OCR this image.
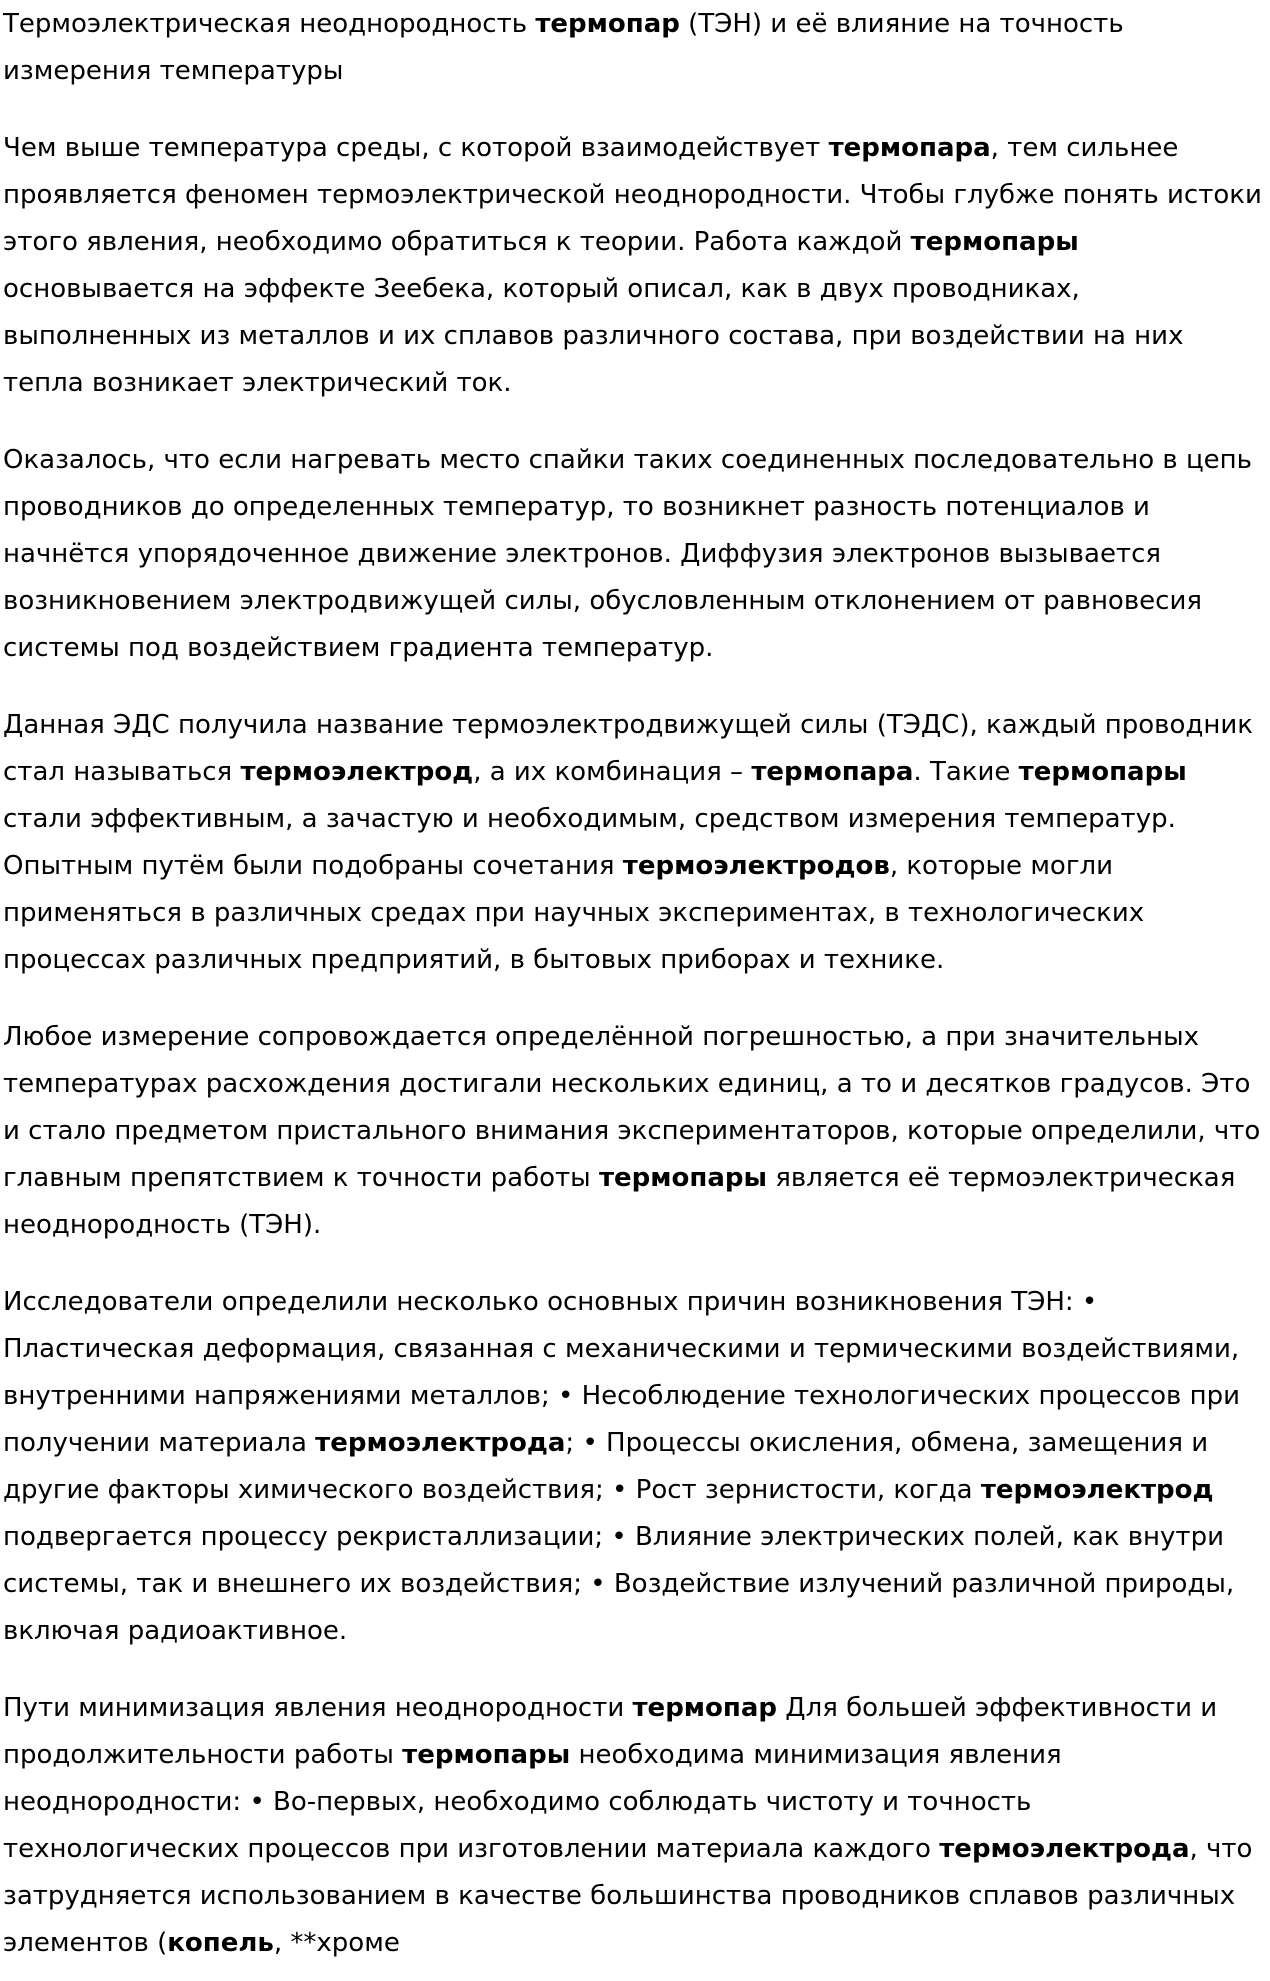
Термоэлектрическая неоднородность термопар (ТЭН) и её влияние на точность измерения температуры

Чем выше температура среды, с которой взаимодействует термопара, тем сильнее проявляется феномен термоэлектрической неоднородности. Чтобы глубже понять истоки этого явления, необходимо обратиться к теории. Работа каждой термопары основывается на эффекте Зеебека, который описал, как в двух проводниках, выполненных из металлов и их сплавов различного состава, при воздействии на них тепла возникает электрический ток.

Оказалось, что если нагревать место спайки таких соединенных последовательно в цепь проводников до определенных температур, то возникнет разность потенциалов и начнётся упорядоченное движение электронов. Диффузия электронов вызывается возникновением электродвижущей силы, обусловленным отклонением от равновесия системы под воздействием градиента температур.

Данная ЭДС получила название термоэлектродвижущей силы (ТЭДС), каждый проводник стал называться термоэлектрод, а их комбинация – термопара. Такие термопары стали эффективным, а зачастую и необходимым, средством измерения температур. Опытным путём были подобраны сочетания термоэлектродов, которые могли применяться в различных средах при научных экспериментах, в технологических процессах различных предприятий, в бытовых приборах и технике.

Любое измерение сопровождается определённой погрешностью, а при значительных температурах расхождения достигали нескольких единиц, а то и десятков градусов. Это и стало предметом пристального внимания экспериментаторов, которые определили, что главным препятствием к точности работы термопары является её термоэлектрическая неоднородность (ТЭН).

Исследователи определили несколько основных причин возникновения ТЭН: • Пластическая деформация, связанная с механическими и термическими воздействиями, внутренними напряжениями металлов; • Несоблюдение технологических процессов при получении материала термоэлектрода; • Процессы окисления, обмена, замещения и другие факторы химического воздействия; • Рост зернистости, когда термоэлектрод подвергается процессу рекристаллизации; • Влияние электрических полей, как внутри системы, так и внешнего их воздействия; • Воздействие излучений различной природы, включая радиоактивное.

Пути минимизация явления неоднородности термопар Для большей эффективности и продолжительности работы термопары необходима минимизация явления неоднородности: • Во-первых, необходимо соблюдать чистоту и точность технологических процессов при изготовлении материала каждого термоэлектрода, что затрудняется использованием в качестве большинства проводников сплавов различных элементов (копель, **хроме
